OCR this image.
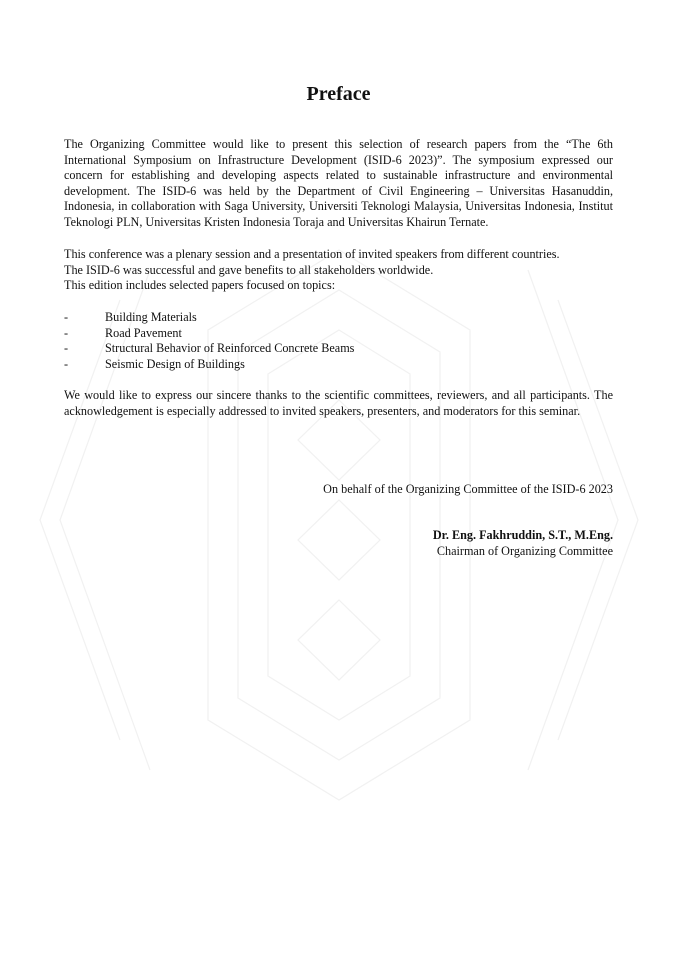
Preface

The Organizing Committee would like to present this selection of research papers from the “The 6th International Symposium on Infrastructure Development (ISID-6 2023)”. The symposium expressed our concern for establishing and developing aspects related to sustainable infrastructure and environmental development. The ISID-6 was held by the Department of Civil Engineering – Universitas Hasanuddin, Indonesia, in collaboration with Saga University, Universiti Teknologi Malaysia, Universitas Indonesia, Institut Teknologi PLN, Universitas Kristen Indonesia Toraja and Universitas Khairun Ternate.

This conference was a plenary session and a presentation of invited speakers from different countries.
The ISID-6 was successful and gave benefits to all stakeholders worldwide.
This edition includes selected papers focused on topics:
-	Building Materials
-	Road Pavement
-	Structural Behavior of Reinforced Concrete Beams
-	Seismic Design of Buildings

We would like to express our sincere thanks to the scientific committees, reviewers, and all participants. The acknowledgement is especially addressed to invited speakers, presenters, and moderators for this seminar.

On behalf of the Organizing Committee of the ISID-6 2023
Dr. Eng. Fakhruddin, S.T., M.Eng.
Chairman of Organizing Committee
